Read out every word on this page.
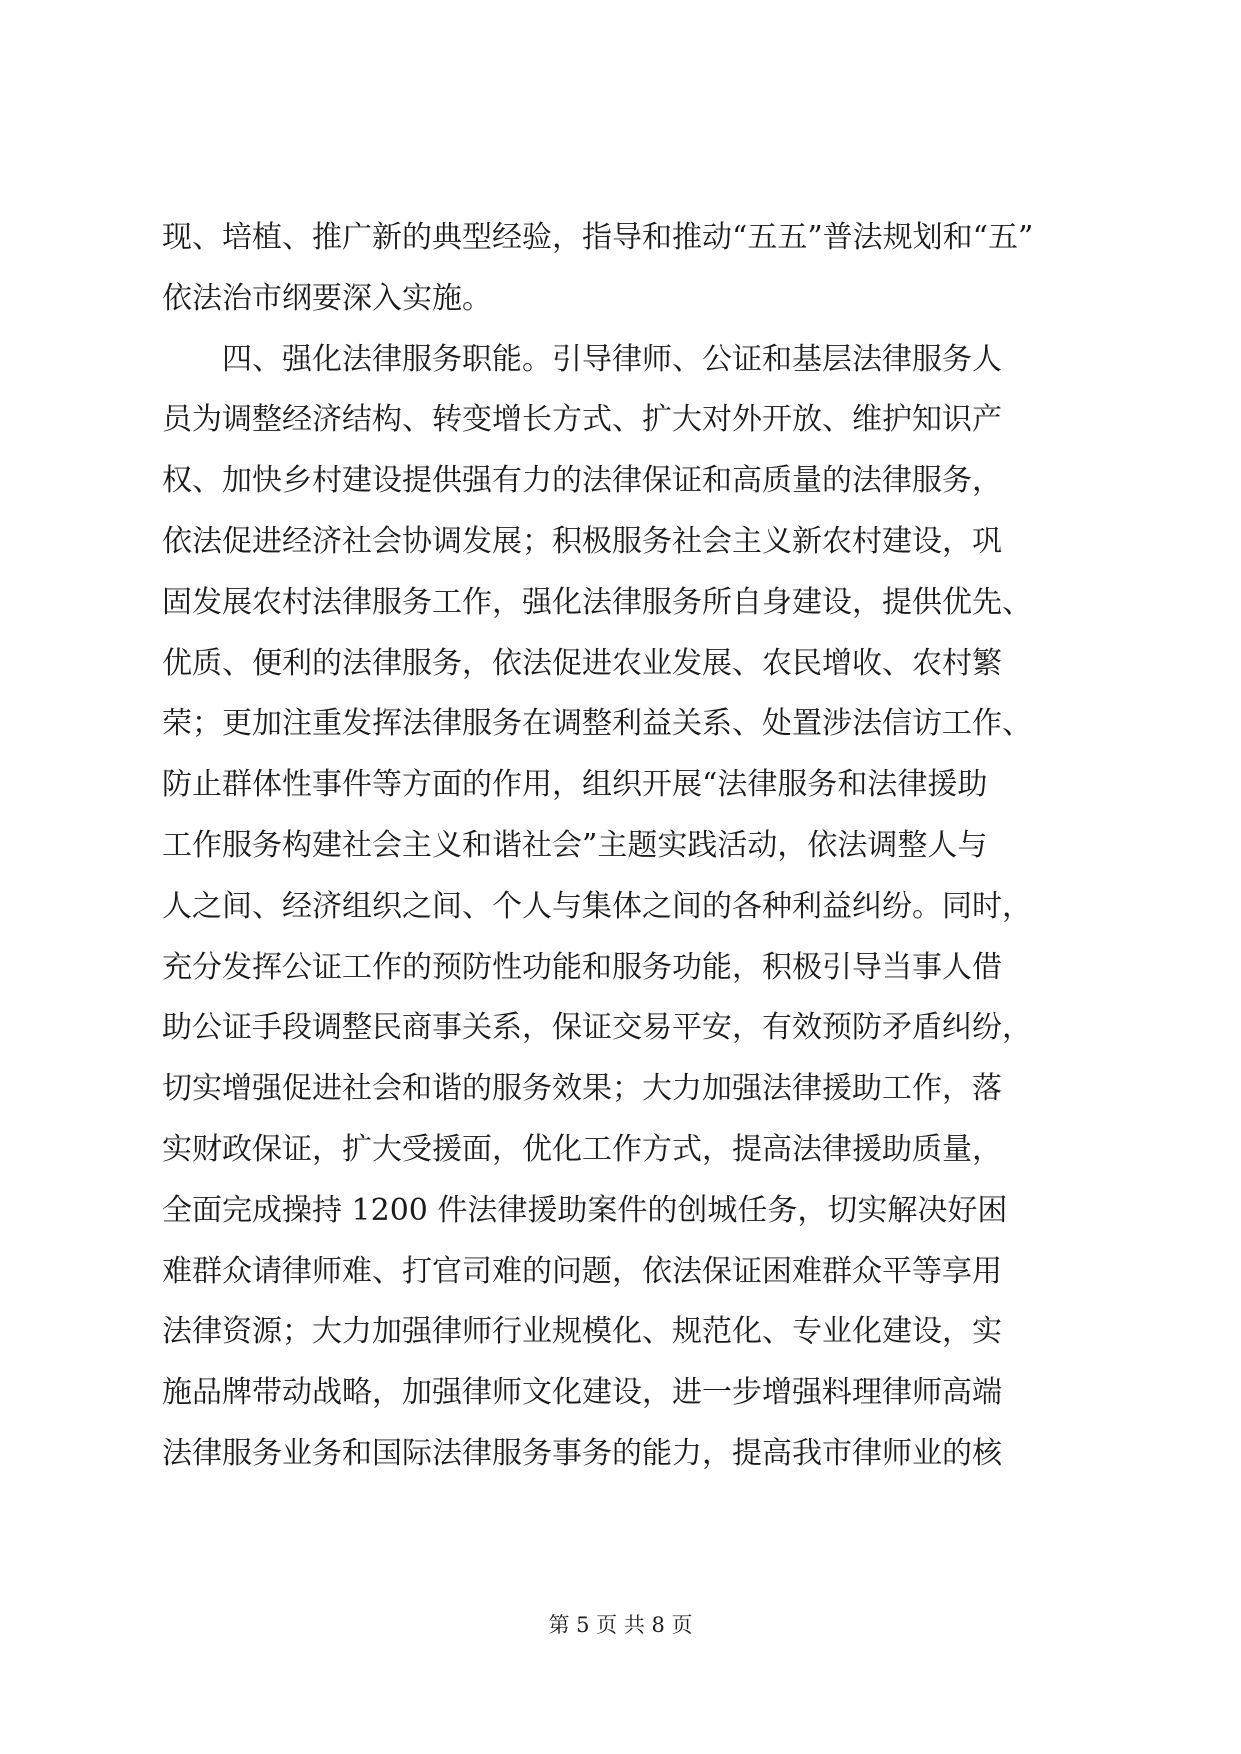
现、培植、推广新的典型经验，指导和推动“五五”普法规划和“五”
依法治市纲要深入实施。
四、强化法律服务职能。引导律师、公证和基层法律服务人
员为调整经济结构、转变增长方式、扩大对外开放、维护知识产
权、加快乡村建设提供强有力的法律保证和高质量的法律服务，
依法促进经济社会协调发展；积极服务社会主义新农村建设，巩
固发展农村法律服务工作，强化法律服务所自身建设，提供优先、
优质、便利的法律服务，依法促进农业发展、农民增收、农村繁
荣；更加注重发挥法律服务在调整利益关系、处置涉法信访工作、
防止群体性事件等方面的作用，组织开展“法律服务和法律援助
工作服务构建社会主义和谐社会”主题实践活动，依法调整人与
人之间、经济组织之间、个人与集体之间的各种利益纠纷。同时，
充分发挥公证工作的预防性功能和服务功能，积极引导当事人借
助公证手段调整民商事关系，保证交易平安，有效预防矛盾纠纷，
切实增强促进社会和谐的服务效果；大力加强法律援助工作，落
实财政保证，扩大受援面，优化工作方式，提高法律援助质量，
全面完成操持 1200 件法律援助案件的创城任务，切实解决好困
难群众请律师难、打官司难的问题，依法保证困难群众平等享用
法律资源；大力加强律师行业规模化、规范化、专业化建设，实
施品牌带动战略，加强律师文化建设，进一步增强料理律师高端
法律服务业务和国际法律服务事务的能力，提高我市律师业的核
第 5 页 共 8 页
